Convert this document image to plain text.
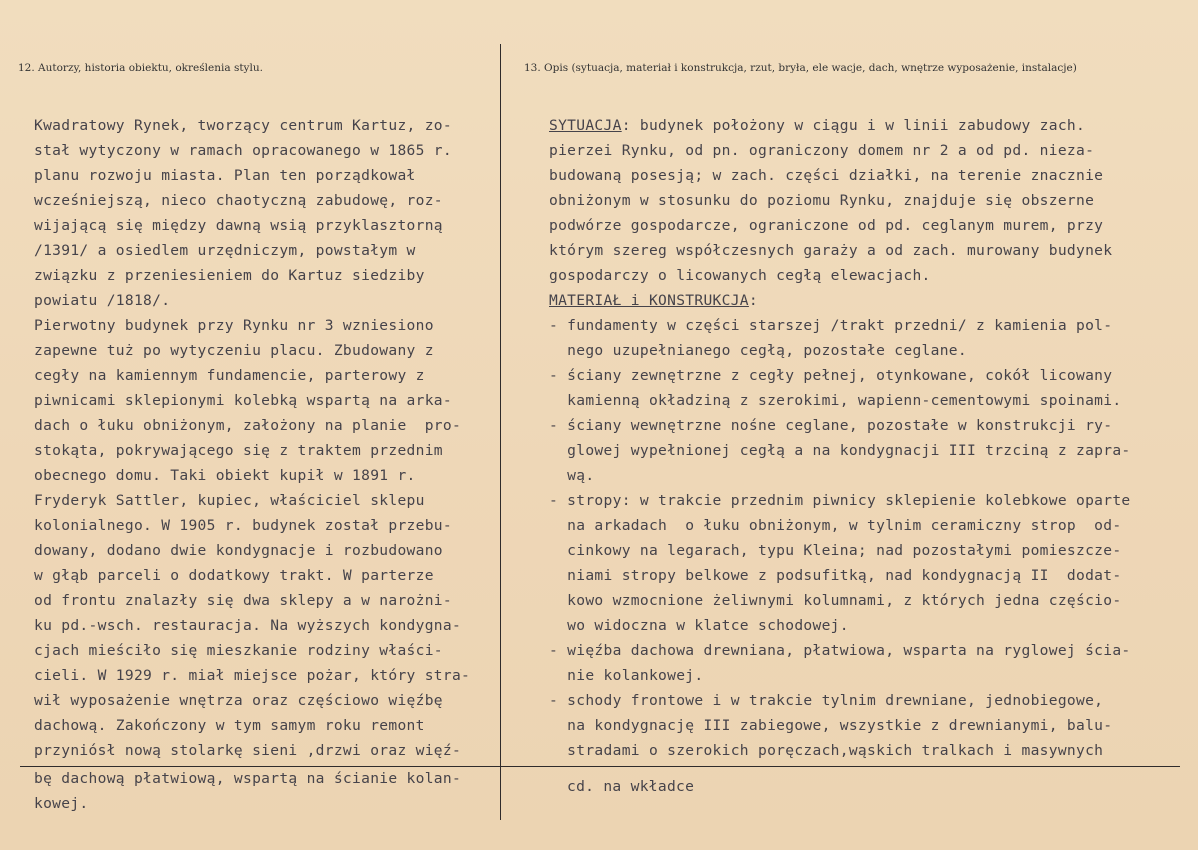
12. Autorzy, historia obiektu, określenia stylu.	13. Opis (sytuacja, materiał i konstrukcja, rzut, bryła, ele wacje, dach, wnętrze wyposażenie, instalacje)
Kwadratowy Rynek, tworzący centrum Kartuz, zo-
stał wytyczony w ramach opracowanego w 1865 r.
planu rozwoju miasta. Plan ten porządkował
wcześniejszą, nieco chaotyczną zabudowę, roz-
wijającą się między dawną wsią przyklasztorną
/1391/ a osiedlem urzędniczym, powstałym w
związku z przeniesieniem do Kartuz siedziby
powiatu /1818/.
Pierwotny budynek przy Rynku nr 3 wzniesiono
zapewne tuż po wytyczeniu placu. Zbudowany z
cegły na kamiennym fundamencie, parterowy z
piwnicami sklepionymi kolebką wspartą na arka-
dach o łuku obniżonym, założony na planie  pro-
stokąta, pokrywającego się z traktem przednim
obecnego domu. Taki obiekt kupił w 1891 r.
Fryderyk Sattler, kupiec, właściciel sklepu
kolonialnego. W 1905 r. budynek został przebu-
dowany, dodano dwie kondygnacje i rozbudowano
w głąb parceli o dodatkowy trakt. W parterze
od frontu znalazły się dwa sklepy a w narożni-
ku pd.-wsch. restauracja. Na wyższych kondygna-
cjach mieściło się mieszkanie rodziny właści-
cieli. W 1929 r. miał miejsce pożar, który stra-
wił wyposażenie wnętrza oraz częściowo więźbę
dachową. Zakończony w tym samym roku remont
przyniósł nową stolarkę sieni ,drzwi oraz więź-
SYTUACJA: budynek położony w ciągu i w linii zabudowy zach.
pierzei Rynku, od pn. ograniczony domem nr 2 a od pd. nieza-
budowaną posesją; w zach. części działki, na terenie znacznie
obniżonym w stosunku do poziomu Rynku, znajduje się obszerne
podwórze gospodarcze, ograniczone od pd. ceglanym murem, przy
którym szereg współczesnych garaży a od zach. murowany budynek
gospodarczy o licowanych cegłą elewacjach.
MATERIAŁ i KONSTRUKCJA:
- fundamenty w części starszej /trakt przedni/ z kamienia pol-
nego uzupełnianego cegłą, pozostałe ceglane.
- ściany zewnętrzne z cegły pełnej, otynkowane, cokół licowany
kamienną okładziną z szerokimi, wapienn-cementowymi spoinami.
- ściany wewnętrzne nośne ceglane, pozostałe w konstrukcji ry-
glowej wypełnionej cegłą a na kondygnacji III trzciną z zapra-
wą.
- stropy: w trakcie przednim piwnicy sklepienie kolebkowe oparte
na arkadach  o łuku obniżonym, w tylnim ceramiczny strop  od-
cinkowy na legarach, typu Kleina; nad pozostałymi pomieszcze-
niami stropy belkowe z podsufitką, nad kondygnacją II  dodat-
kowo wzmocnione żeliwnymi kolumnami, z których jedna częścio-
wo widoczna w klatce schodowej.
- więźba dachowa drewniana, płatwiowa, wsparta na ryglowej ścia-
nie kolankowej.
- schody frontowe i w trakcie tylnim drewniane, jednobiegowe,
na kondygnację III zabiegowe, wszystkie z drewnianymi, balu-
stradami o szerokich poręczach,wąskich tralkach i masywnych
bę dachową płatwiową, wspartą na ścianie kolan-
kowej.
cd. na wkładce
